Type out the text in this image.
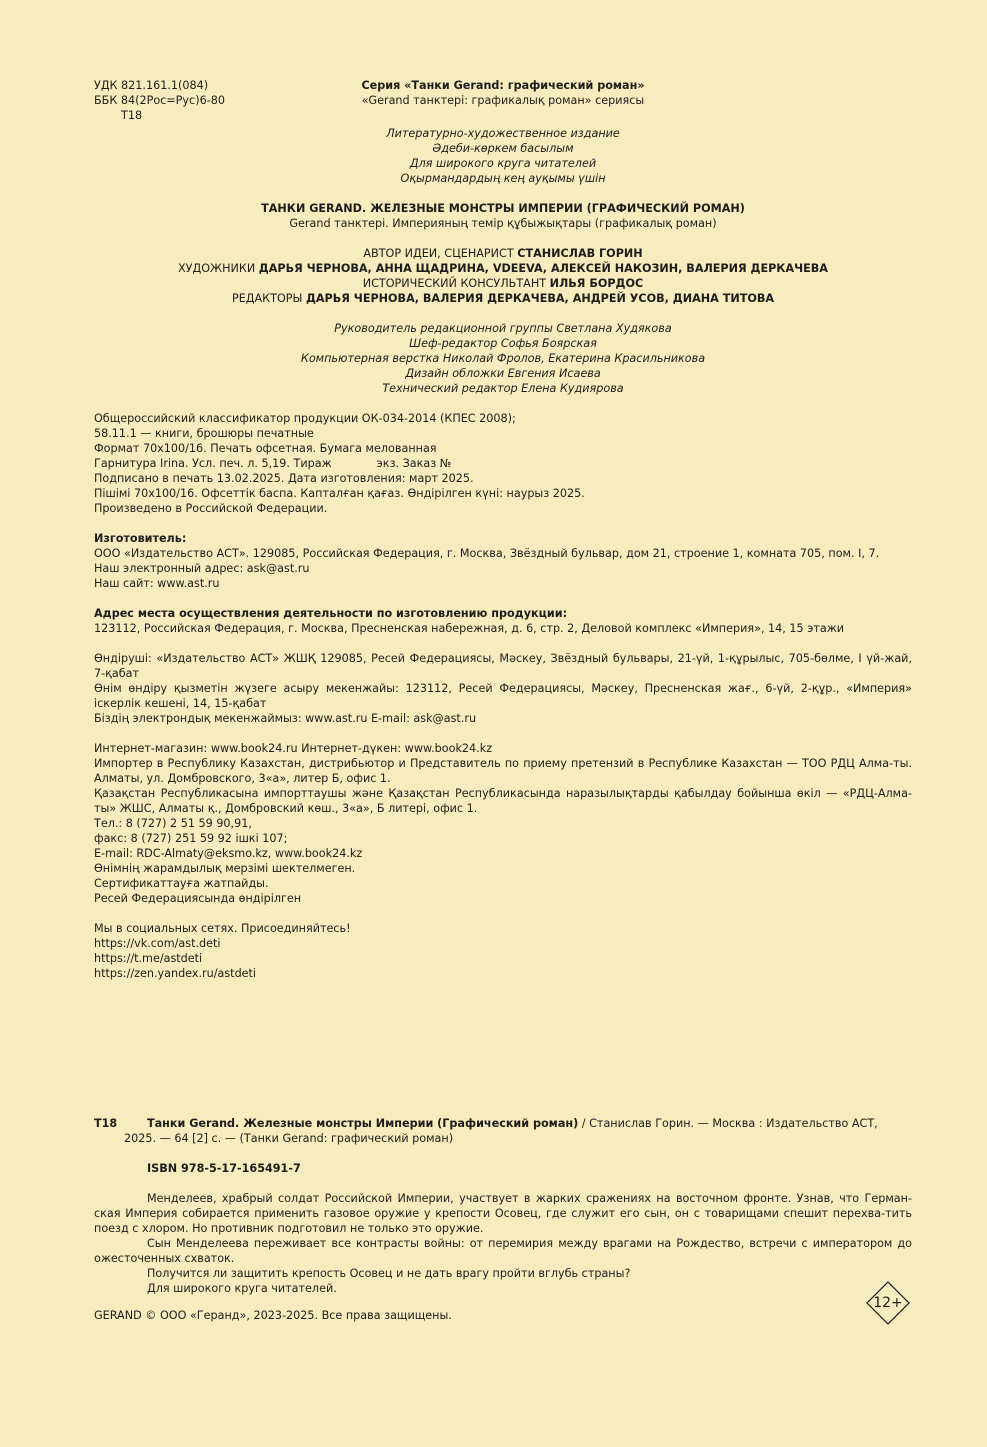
УДК 821.161.1(084)
ББК 84(2Рос=Рус)6-80
Т18
Серия «Танки Gerand: графический роман»
«Gerand танктері: графикалық роман» сериясы
Литературно-художественное издание
Әдеби-көркем басылым
Для широкого круга читателей
Оқырмандардың кең ауқымы үшін
ТАНКИ GERAND. ЖЕЛЕЗНЫЕ МОНСТРЫ ИМПЕРИИ (ГРАФИЧЕСКИЙ РОМАН)
Gerand танктері. Империяның темір құбыжықтары (графикалық роман)
АВТОР ИДЕИ, СЦЕНАРИСТ СТАНИСЛАВ ГОРИН
ХУДОЖНИКИ ДАРЬЯ ЧЕРНОВА, АННА ЩАДРИНА, VDEEVA, АЛЕКСЕЙ НАКОЗИН, ВАЛЕРИЯ ДЕРКАЧЕВА
ИСТОРИЧЕСКИЙ КОНСУЛЬТАНТ ИЛЬЯ БОРДОС
РЕДАКТОРЫ ДАРЬЯ ЧЕРНОВА, ВАЛЕРИЯ ДЕРКАЧЕВА, АНДРЕЙ УСОВ, ДИАНА ТИТОВА
Руководитель редакционной группы Светлана Худякова
Шеф-редактор Софья Боярская
Компьютерная верстка Николай Фролов, Екатерина Красильникова
Дизайн обложки Евгения Исаева
Технический редактор Елена Кудиярова
Общероссийский классификатор продукции ОК-034-2014 (КПЕС 2008);
58.11.1 — книги, брошюры печатные
Формат 70x100/16. Печать офсетная. Бумага мелованная
Гарнитура Irina. Усл. печ. л. 5,19. Тираж	экз. Заказ №
Подписано в печать 13.02.2025. Дата изготовления: март 2025.
Пішімі 70x100/16. Офсеттік баспа. Капталған қағаз. Өндірілген күні: наурыз 2025.
Произведено в Российской Федерации.
Изготовитель:
ООО «Издательство АСТ». 129085, Российская Федерация, г. Москва, Звёздный бульвар, дом 21, строение 1, комната 705, пом. I, 7.
Наш электронный адрес: ask@ast.ru
Наш сайт: www.ast.ru
Адрес места осуществления деятельности по изготовлению продукции:
123112, Российская Федерация, г. Москва, Пресненская набережная, д. 6, стр. 2, Деловой комплекс «Империя», 14, 15 этажи
Өндіруші: «Издательство АСТ» ЖШҚ 129085, Ресей Федерациясы, Мәскеу, Звёздный бульвары, 21-үй, 1-құрылыс, 705-бөлме, I үй-жай, 7-қабат
Өнім өндіру қызметін жүзеге асыру мекенжайы: 123112, Ресей Федерациясы, Мәскеу, Пресненская жағ., 6-үй, 2-құр., «Империя» іскерлік кешені, 14, 15-қабат
Біздің электрондық мекенжаймыз: www.ast.ru E-mail: ask@ast.ru
Интернет-магазин: www.book24.ru Интернет-дүкен: www.book24.kz
Импортер в Республику Казахстан, дистрибьютор и Представитель по приему претензий в Республике Казахстан — ТОО РДЦ Алма-ты. Алматы, ул. Домбровского, 3«а», литер Б, офис 1.
Қазақстан Республикасына импорттаушы және Қазақстан Республикасында наразылықтарды қабылдау бойынша өкіл — «РДЦ-Алма-ты» ЖШС, Алматы қ., Домбровский көш., 3«а», Б литері, офис 1.
Тел.: 8 (727) 2 51 59 90,91,
факс: 8 (727) 251 59 92 ішкі 107;
E-mail: RDC-Almaty@eksmo.kz, www.book24.kz
Өнімнің жарамдылық мерзімі шектелмеген.
Сертификаттауға жатпайды.
Ресей Федерациясында өндірілген
Мы в социальных сетях. Присоединяйтесь!
https://vk.com/ast.deti
https://t.me/astdeti
https://zen.yandex.ru/astdeti
Т18	Танки Gerand. Железные монстры Империи (Графический роман) / Станислав Горин. — Москва : Издательство АСТ,
2025. — 64 [2] с. — (Танки Gerand: графический роман)
ISBN 978-5-17-165491-7
Менделеев, храбрый солдат Российской Империи, участвует в жарких сражениях на восточном фронте. Узнав, что Герман-ская Империя собирается применить газовое оружие у крепости Осовец, где служит его сын, он с товарищами спешит перехва-тить поезд с хлором. Но противник подготовил не только это оружие.
Сын Менделеева переживает все контрасты войны: от перемирия между врагами на Рождество, встречи с императором до ожесточенных схваток.
Получится ли защитить крепость Осовец и не дать врагу пройти вглубь страны?
Для широкого круга читателей.
12+
GERAND © ООО «Геранд», 2023-2025. Все права защищены.
